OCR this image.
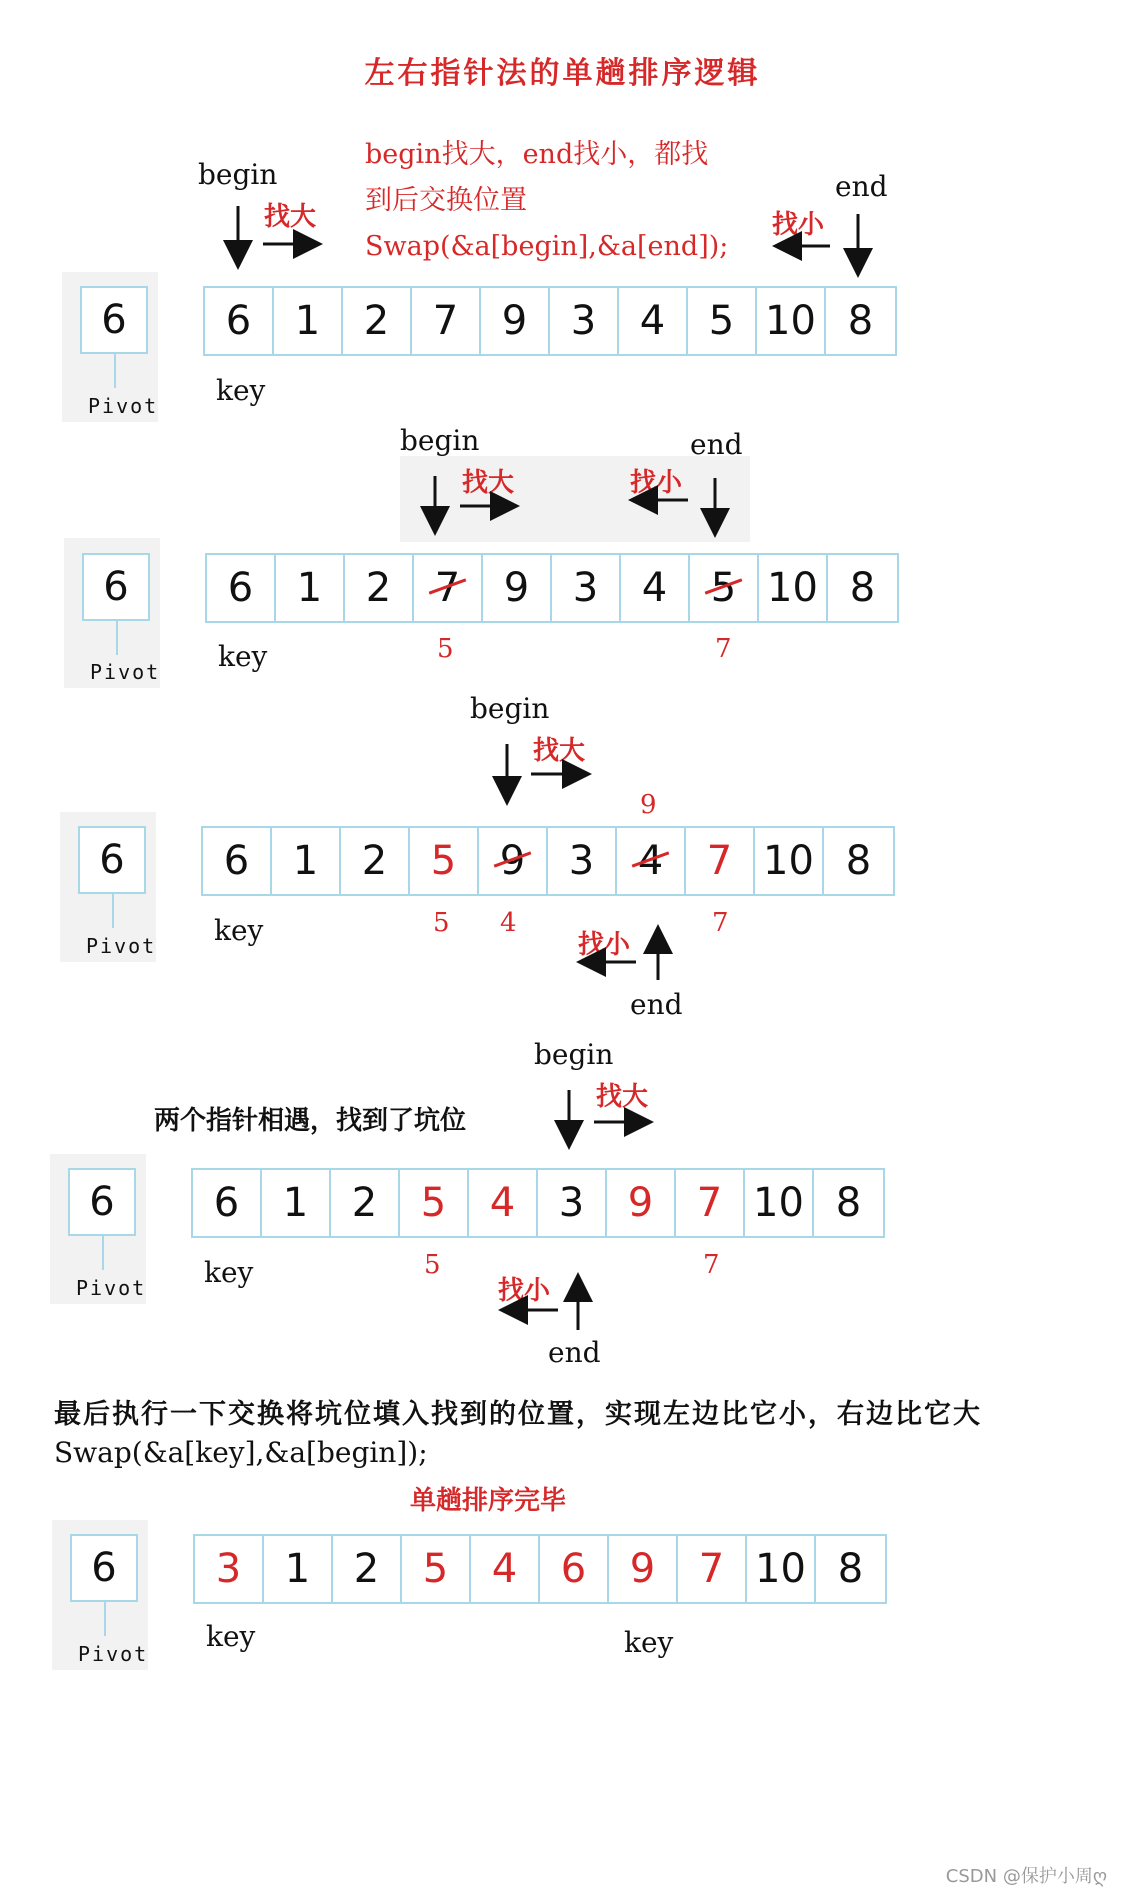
左右指针法的单趟排序逻辑
begin
找大
begin找大，end找小，都找
到后交换位置
Swap(&a[begin],&a[end]);
end
找小
6
Pivot
6	1	2	7	9	3	4	5 10 8
key
begin
找大
end
找小
6
Pivot
6	1	2	7	9	3	4	5 10 8
key	5	7
begin
找大
9
6
Pivot
6	1	2	5	9	3	4	7 10 8
key	5 4	7
找小
end
begin
两个指针相遇，找到了坑位
找大
6
Pivot
6	1	2	5	4	3	9	7 10 8
key	5	7
找小
end
最后执行一下交换将坑位填入找到的位置，实现左边比它小，右边比它大
Swap(&a[key],&a[begin]);
单趟排序完毕
6
Pivot
3	1	2	5	4	6	9	7 10 8
key	key
CSDN @保护小周ღ
